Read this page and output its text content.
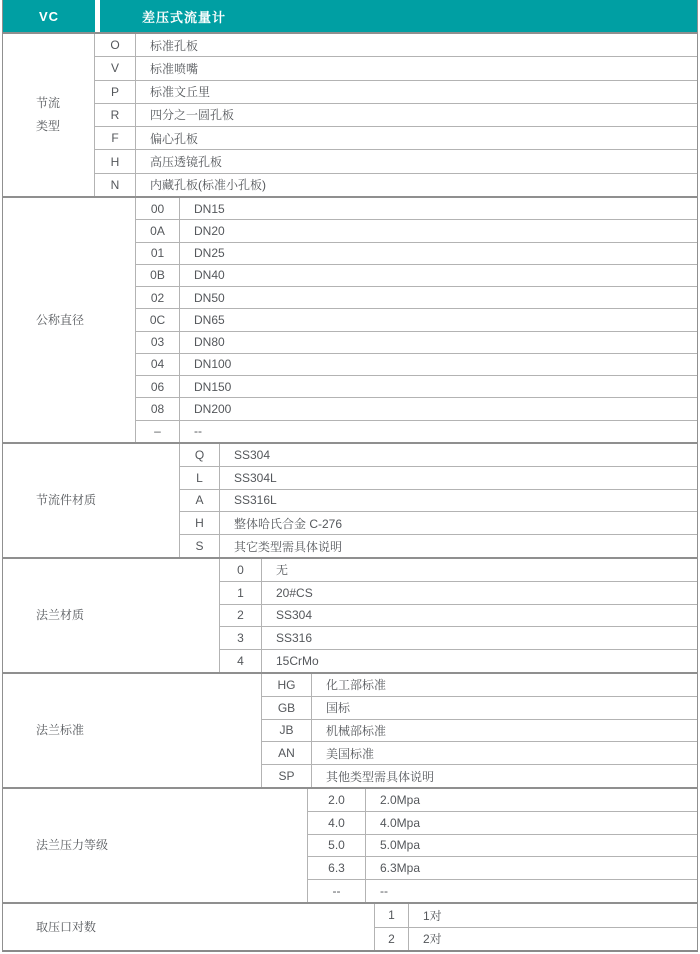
VC	差压式流量计
节流
类型
O	标准孔板
V	标准喷嘴
P	标准文丘里
R	四分之一圆孔板
F	偏心孔板
H	高压透镜孔板
N	内藏孔板(标准小孔板)
公称直径
00	DN15
0A	DN20
01	DN25
0B	DN40
02	DN50
0C	DN65
03	DN80
04	DN100
06	DN150
08	DN200
–	--
节流件材质
Q	SS304
L	SS304L
A	SS316L
H	整体哈氏合金 C-276
S	其它类型需具体说明
法兰材质
0	无
1	20#CS
2	SS304
3	SS316
4	15CrMo
法兰标准
HG	化工部标准
GB	国标
JB	机械部标准
AN	美国标准
SP	其他类型需具体说明
法兰压力等级
2.0	2.0Mpa
4.0	4.0Mpa
5.0	5.0Mpa
6.3	6.3Mpa
--	--
取压口对数
1	1对
2	2对
